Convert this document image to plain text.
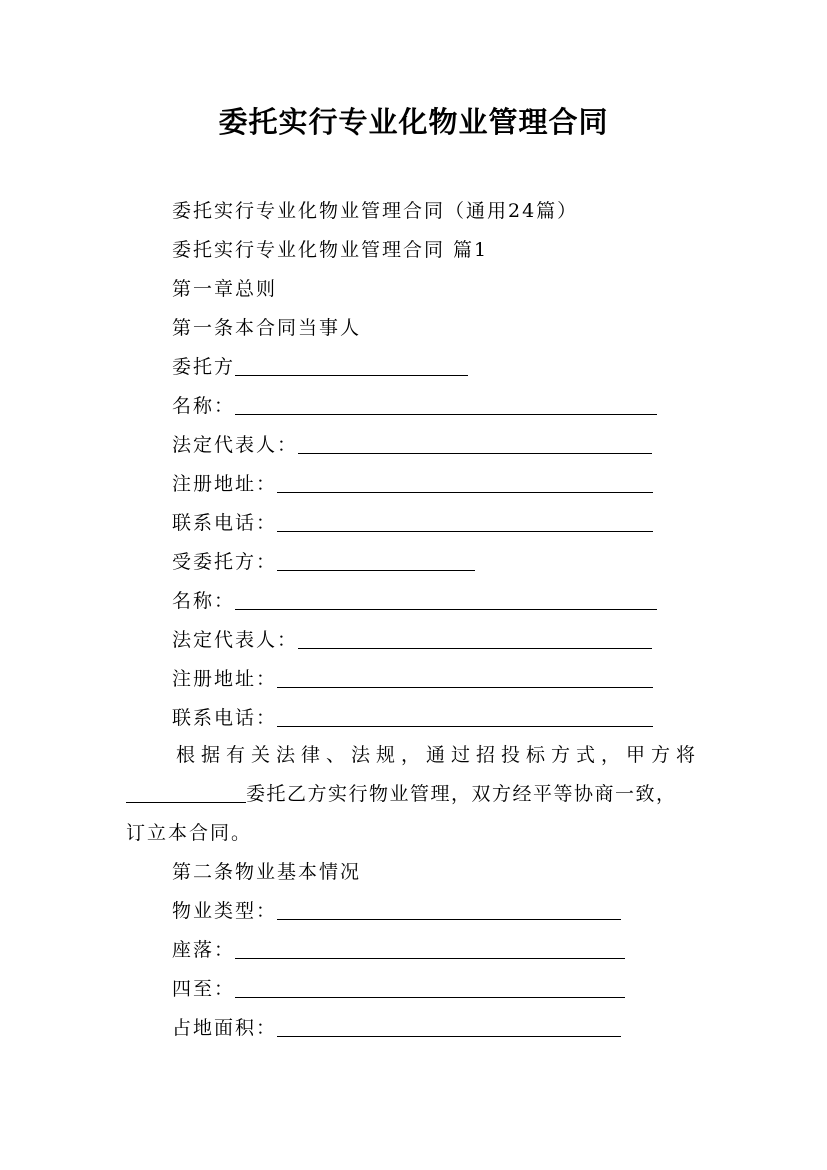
委托实行专业化物业管理合同
委托实行专业化物业管理合同（通用24篇）
委托实行专业化物业管理合同 篇1
第一章总则
第一条本合同当事人
委托方
名称：
法定代表人：
注册地址：
联系电话：
受委托方：
名称：
法定代表人：
注册地址：
联系电话：
根据有关法律、法规，通过招投标方式，甲方将
委托乙方实行物业管理，双方经平等协商一致，
订立本合同。
第二条物业基本情况
物业类型：
座落：
四至：
占地面积：
